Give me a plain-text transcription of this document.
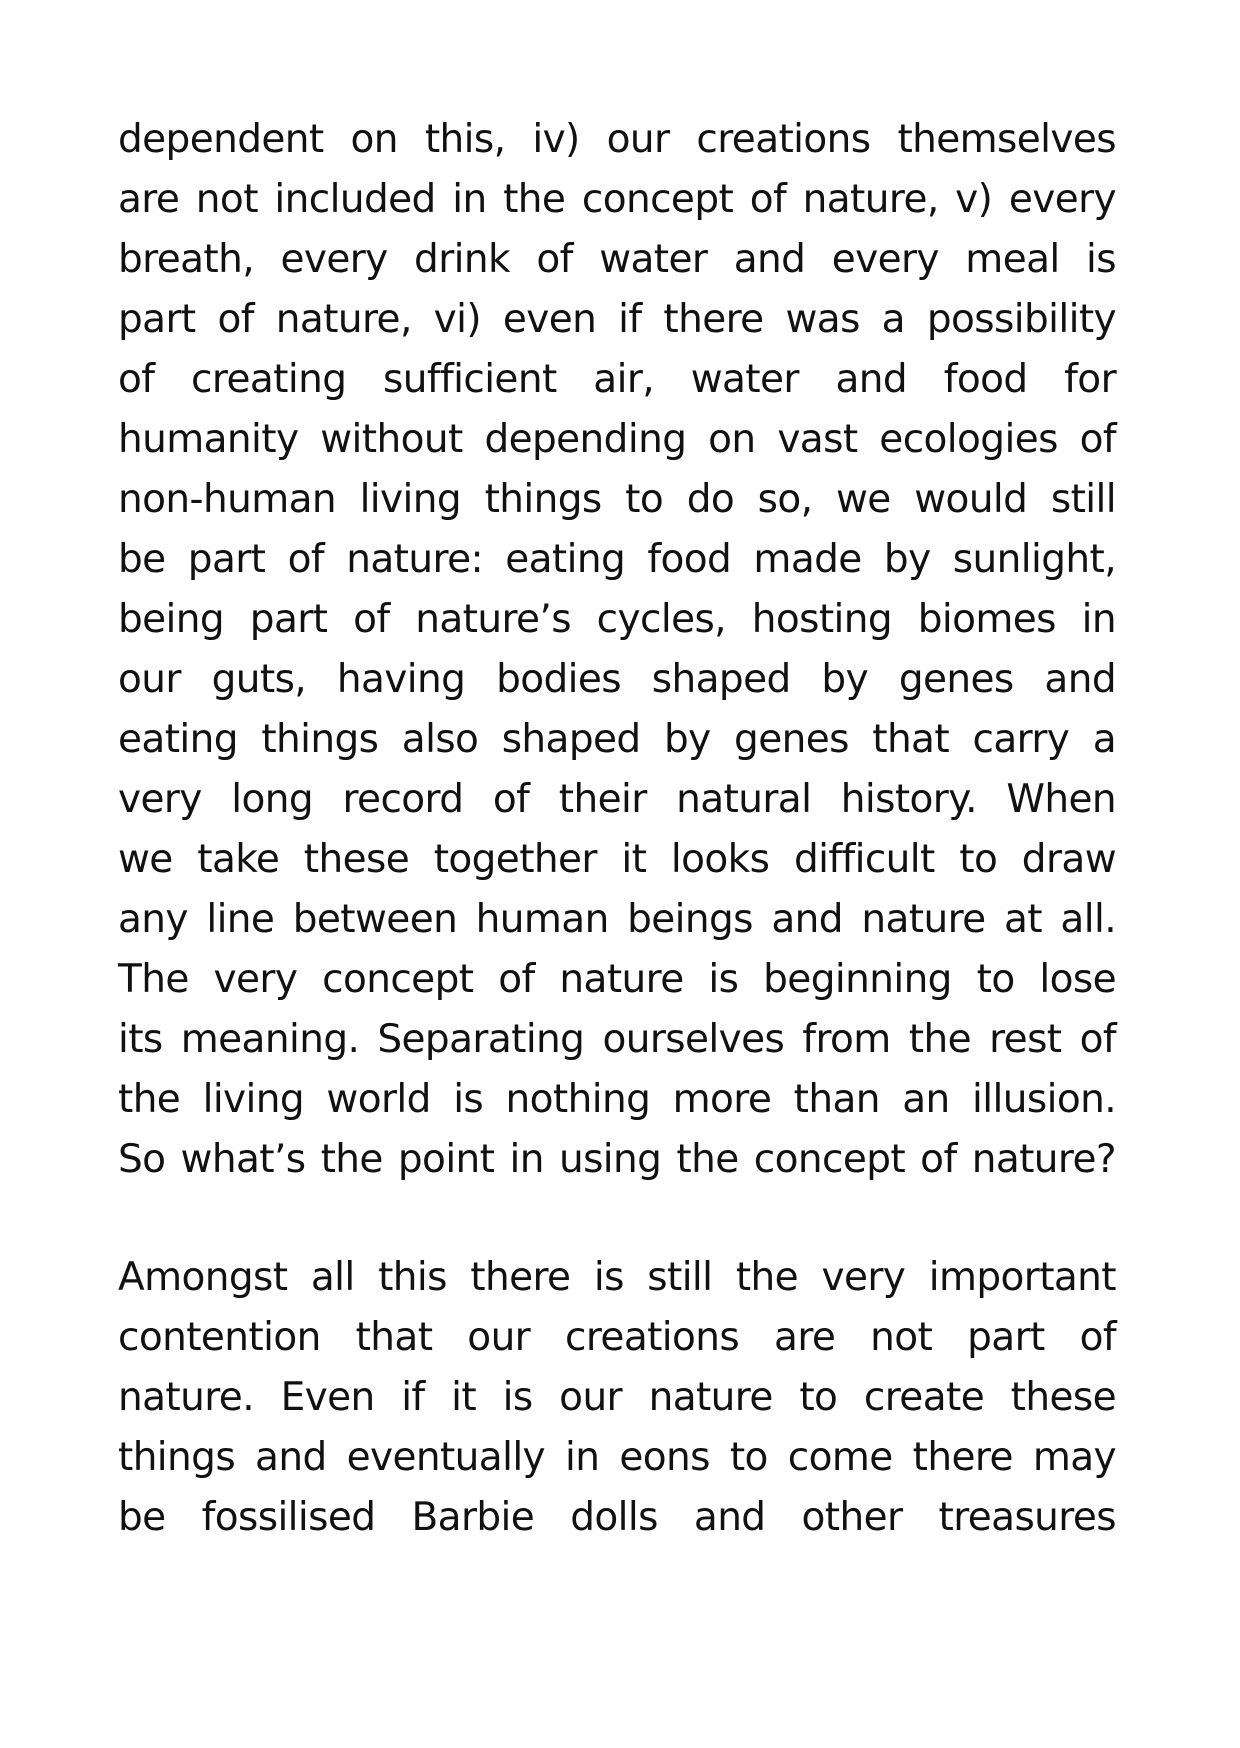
dependent on this, iv) our creations themselves
are not included in the concept of nature, v) every
breath, every drink of water and every meal is
part of nature, vi) even if there was a possibility
of creating sufficient air, water and food for
humanity without depending on vast ecologies of
non-human living things to do so, we would still
be part of nature: eating food made by sunlight,
being part of nature’s cycles, hosting biomes in
our guts, having bodies shaped by genes and
eating things also shaped by genes that carry a
very long record of their natural history. When
we take these together it looks difficult to draw
any line between human beings and nature at all.
The very concept of nature is beginning to lose
its meaning. Separating ourselves from the rest of
the living world is nothing more than an illusion.
So what’s the point in using the concept of nature?
Amongst all this there is still the very important
contention that our creations are not part of
nature. Even if it is our nature to create these
things and eventually in eons to come there may
be fossilised Barbie dolls and other treasures
